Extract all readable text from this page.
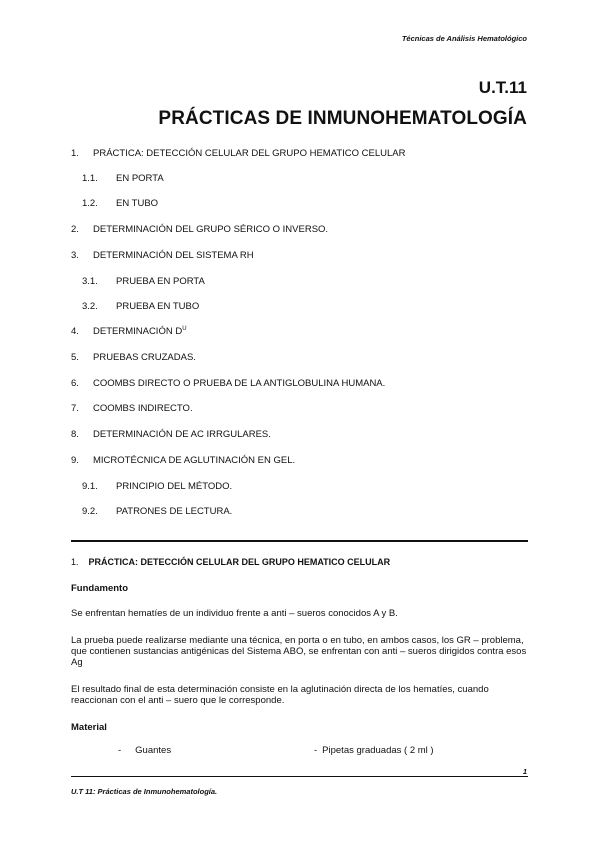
Técnicas de Análisis Hematológico
U.T.11
PRÁCTICAS DE INMUNOHEMATOLOGÍA
1. PRÁCTICA: DETECCIÓN CELULAR DEL GRUPO HEMATICO CELULAR
1.1. EN PORTA
1.2. EN TUBO
2. DETERMINACIÓN DEL GRUPO SÉRICO O INVERSO.
3. DETERMINACIÓN DEL SISTEMA RH
3.1. PRUEBA EN PORTA
3.2. PRUEBA EN TUBO
4. DETERMINACIÓN $D^U$
5. PRUEBAS CRUZADAS.
6. COOMBS DIRECTO O PRUEBA DE LA ANTIGLOBULINA HUMANA.
7. COOMBS INDIRECTO.
8. DETERMINACIÓN DE AC IRRGULARES.
9. MICROTÉCNICA DE AGLUTINACIÓN EN GEL.
9.1. PRINCIPIO DEL MÉTODO.
9.2. PATRONES DE LECTURA.
1. PRÁCTICA: DETECCIÓN CELULAR DEL GRUPO HEMATICO CELULAR
Fundamento
Se enfrentan hematíes de un individuo frente a anti – sueros conocidos A y B.
La prueba puede realizarse mediante una técnica, en porta o en tubo, en ambos casos, los GR – problema, que contienen sustancias antigénicas del Sistema ABO, se enfrentan con anti – sueros dirigidos contra esos Ag
El resultado final de esta determinación consiste en la aglutinación directa de los hematíes, cuando reaccionan con el anti – suero que le corresponde.
Material
- Guantes	- Pipetas graduadas ( 2 ml )
1
U.T 11: Prácticas de Inmunohematología.
